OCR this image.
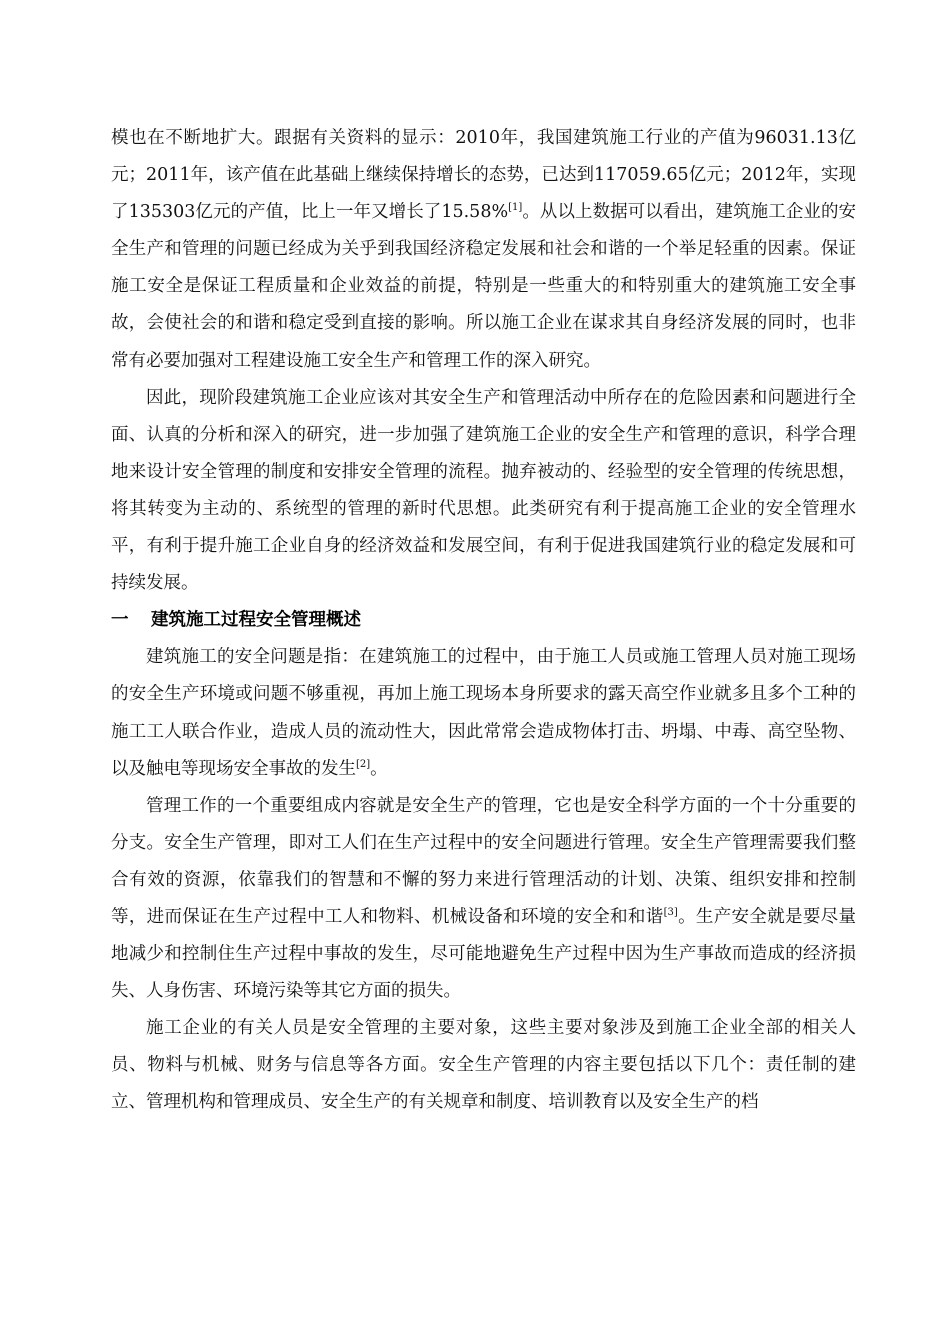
模也在不断地扩大。跟据有关资料的显示：2010年，我国建筑施工行业的产值为96031.13亿元；2011年，该产值在此基础上继续保持增长的态势，已达到117059.65亿元；2012年，实现了135303亿元的产值，比上一年又增长了15.58%[1]。从以上数据可以看出，建筑施工企业的安全生产和管理的问题已经成为关乎到我国经济稳定发展和社会和谐的一个举足轻重的因素。保证施工安全是保证工程质量和企业效益的前提，特别是一些重大的和特别重大的建筑施工安全事故，会使社会的和谐和稳定受到直接的影响。所以施工企业在谋求其自身经济发展的同时，也非常有必要加强对工程建设施工安全生产和管理工作的深入研究。

因此，现阶段建筑施工企业应该对其安全生产和管理活动中所存在的危险因素和问题进行全面、认真的分析和深入的研究，进一步加强了建筑施工企业的安全生产和管理的意识，科学合理地来设计安全管理的制度和安排安全管理的流程。抛弃被动的、经验型的安全管理的传统思想，将其转变为主动的、系统型的管理的新时代思想。此类研究有利于提高施工企业的安全管理水平，有利于提升施工企业自身的经济效益和发展空间，有利于促进我国建筑行业的稳定发展和可持续发展。

一 建筑施工过程安全管理概述

建筑施工的安全问题是指：在建筑施工的过程中，由于施工人员或施工管理人员对施工现场的安全生产环境或问题不够重视，再加上施工现场本身所要求的露天高空作业就多且多个工种的施工工人联合作业，造成人员的流动性大，因此常常会造成物体打击、坍塌、中毒、高空坠物、以及触电等现场安全事故的发生[2]。

管理工作的一个重要组成内容就是安全生产的管理，它也是安全科学方面的一个十分重要的分支。安全生产管理，即对工人们在生产过程中的安全问题进行管理。安全生产管理需要我们整合有效的资源，依靠我们的智慧和不懈的努力来进行管理活动的计划、决策、组织安排和控制等，进而保证在生产过程中工人和物料、机械设备和环境的安全和和谐[3]。生产安全就是要尽量地减少和控制住生产过程中事故的发生，尽可能地避免生产过程中因为生产事故而造成的经济损失、人身伤害、环境污染等其它方面的损失。

施工企业的有关人员是安全管理的主要对象，这些主要对象涉及到施工企业全部的相关人员、物料与机械、财务与信息等各方面。安全生产管理的内容主要包括以下几个：责任制的建立、管理机构和管理成员、安全生产的有关规章和制度、培训教育以及安全生产的档
